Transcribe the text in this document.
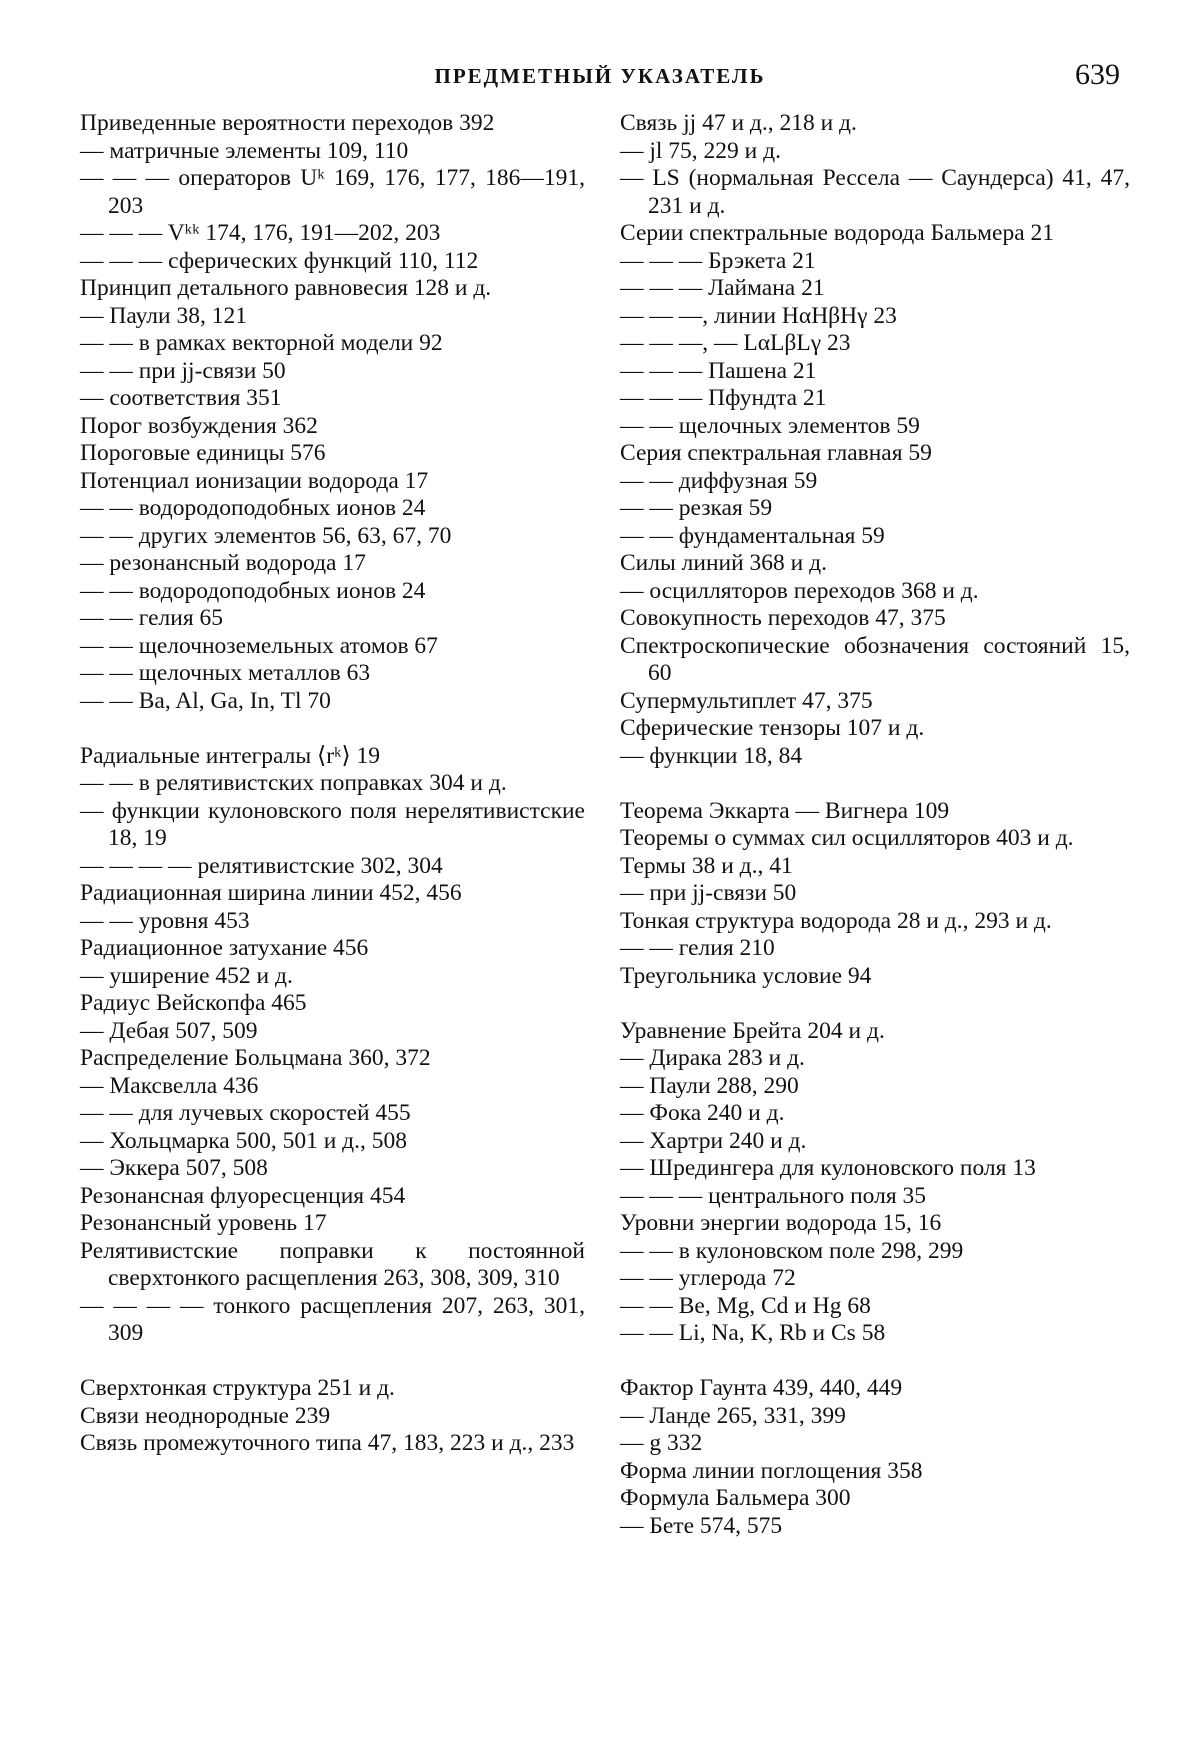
ПРЕДМЕТНЫЙ УКАЗАТЕЛЬ	639
Приведенные вероятности переходов 392
— матричные элементы 109, 110
— — — операторов Uᵏ 169, 176, 177, 186—191, 203
— — — Vᵏᵏ 174, 176, 191—202, 203
— — — сферических функций 110, 112
Принцип детального равновесия 128 и д.
— Паули 38, 121
— — в рамках векторной модели 92
— — при jj-связи 50
— соответствия 351
Порог возбуждения 362
Пороговые единицы 576
Потенциал ионизации водорода 17
— — водородоподобных ионов 24
— — других элементов 56, 63, 67, 70
— резонансный водорода 17
— — водородоподобных ионов 24
— — гелия 65
— — щелочноземельных атомов 67
— — щелочных металлов 63
— — Ba, Al, Ga, In, Tl 70
Радиальные интегралы ⟨rᵏ⟩ 19
— — в релятивистских поправках 304 и д.
— функции кулоновского поля нерелятивистские 18, 19
— — — — релятивистские 302, 304
Радиационная ширина линии 452, 456
— — уровня 453
Радиационное затухание 456
— уширение 452 и д.
Радиус Вейскопфа 465
— Дебая 507, 509
Распределение Больцмана 360, 372
— Максвелла 436
— — для лучевых скоростей 455
— Хольцмарка 500, 501 и д., 508
— Эккера 507, 508
Резонансная флуоресценция 454
Резонансный уровень 17
Релятивистские поправки к постоянной сверхтонкого расщепления 263, 308, 309, 310
— — — — тонкого расщепления 207, 263, 301, 309
Сверхтонкая структура 251 и д.
Связи неоднородные 239
Связь промежуточного типа 47, 183, 223 и д., 233
Связь jj 47 и д., 218 и д.
— jl 75, 229 и д.
— LS (нормальная Рессела — Саундерса) 41, 47, 231 и д.
Серии спектральные водорода Бальмера 21
— — — Брэкета 21
— — — Лаймана 21
— — —, линии HαHβHγ 23
— — —, — LαLβLγ 23
— — — Пашена 21
— — — Пфундта 21
— — щелочных элементов 59
Серия спектральная главная 59
— — диффузная 59
— — резкая 59
— — фундаментальная 59
Силы линий 368 и д.
— осцилляторов переходов 368 и д.
Совокупность переходов 47, 375
Спектроскопические обозначения состояний 15, 60
Супермультиплет 47, 375
Сферические тензоры 107 и д.
— функции 18, 84
Теорема Эккарта — Вигнера 109
Теоремы о суммах сил осцилляторов 403 и д.
Термы 38 и д., 41
— при jj-связи 50
Тонкая структура водорода 28 и д., 293 и д.
— — гелия 210
Треугольника условие 94
Уравнение Брейта 204 и д.
— Дирака 283 и д.
— Паули 288, 290
— Фока 240 и д.
— Хартри 240 и д.
— Шредингера для кулоновского поля 13
— — — центрального поля 35
Уровни энергии водорода 15, 16
— — в кулоновском поле 298, 299
— — углерода 72
— — Be, Mg, Cd и Hg 68
— — Li, Na, K, Rb и Cs 58
Фактор Гаунта 439, 440, 449
— Ланде 265, 331, 399
— g 332
Форма линии поглощения 358
Формула Бальмера 300
— Бете 574, 575
